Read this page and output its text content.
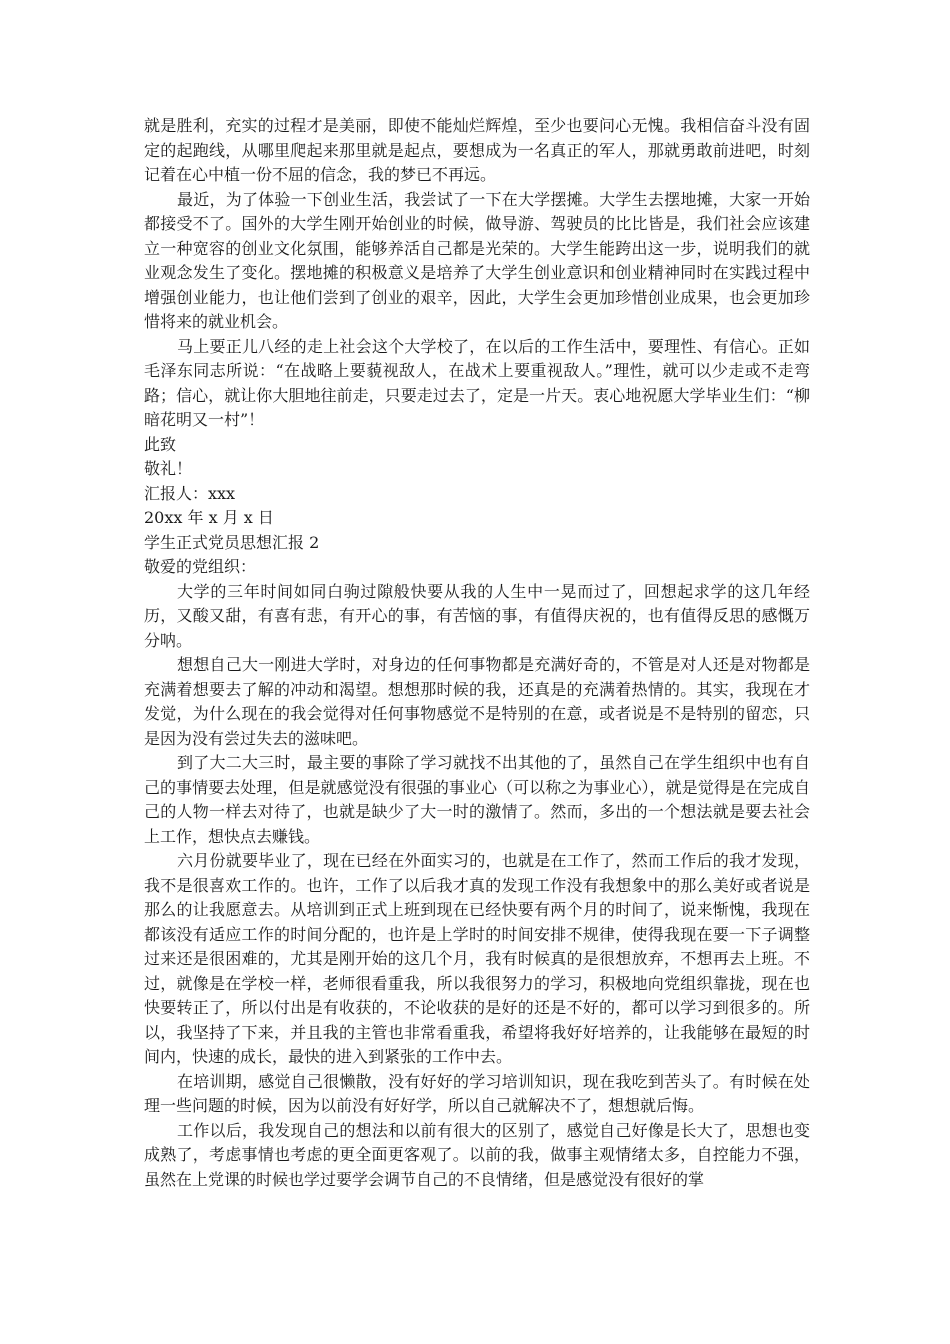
就是胜利，充实的过程才是美丽，即使不能灿烂辉煌，至少也要问心无愧。我相信奋斗没有固定的起跑线，从哪里爬起来那里就是起点，要想成为一名真正的军人，那就勇敢前进吧，时刻记着在心中植一份不屈的信念，我的梦已不再远。

最近，为了体验一下创业生活，我尝试了一下在大学摆摊。大学生去摆地摊，大家一开始都接受不了。国外的大学生刚开始创业的时候，做导游、驾驶员的比比皆是，我们社会应该建立一种宽容的创业文化氛围，能够养活自己都是光荣的。大学生能跨出这一步，说明我们的就业观念发生了变化。摆地摊的积极意义是培养了大学生创业意识和创业精神同时在实践过程中增强创业能力，也让他们尝到了创业的艰辛，因此，大学生会更加珍惜创业成果，也会更加珍惜将来的就业机会。

马上要正儿八经的走上社会这个大学校了，在以后的工作生活中，要理性、有信心。正如毛泽东同志所说：“在战略上要藐视敌人，在战术上要重视敌人。”理性，就可以少走或不走弯路；信心，就让你大胆地往前走，只要走过去了，定是一片天。衷心地祝愿大学毕业生们：“柳暗花明又一村”！

此致

敬礼！

汇报人：xxx

20xx 年 x 月 x 日

学生正式党员思想汇报 2

敬爱的党组织：

大学的三年时间如同白驹过隙般快要从我的人生中一晃而过了，回想起求学的这几年经历，又酸又甜，有喜有悲，有开心的事，有苦恼的事，有值得庆祝的，也有值得反思的感慨万分呐。

想想自己大一刚进大学时，对身边的任何事物都是充满好奇的，不管是对人还是对物都是充满着想要去了解的冲动和渴望。想想那时候的我，还真是的充满着热情的。其实，我现在才发觉，为什么现在的我会觉得对任何事物感觉不是特别的在意，或者说是不是特别的留恋，只是因为没有尝过失去的滋味吧。

到了大二大三时，最主要的事除了学习就找不出其他的了，虽然自己在学生组织中也有自己的事情要去处理，但是就感觉没有很强的事业心（可以称之为事业心），就是觉得是在完成自己的人物一样去对待了，也就是缺少了大一时的激情了。然而，多出的一个想法就是要去社会上工作，想快点去赚钱。

六月份就要毕业了，现在已经在外面实习的，也就是在工作了，然而工作后的我才发现，我不是很喜欢工作的。也许，工作了以后我才真的发现工作没有我想象中的那么美好或者说是那么的让我愿意去。从培训到正式上班到现在已经快要有两个月的时间了，说来惭愧，我现在都该没有适应工作的时间分配的，也许是上学时的时间安排不规律，使得我现在要一下子调整过来还是很困难的，尤其是刚开始的这几个月，我有时候真的是很想放弃，不想再去上班。不过，就像是在学校一样，老师很看重我，所以我很努力的学习，积极地向党组织靠拢，现在也快要转正了，所以付出是有收获的，不论收获的是好的还是不好的，都可以学习到很多的。所以，我坚持了下来，并且我的主管也非常看重我，希望将我好好培养的，让我能够在最短的时间内，快速的成长，最快的进入到紧张的工作中去。

在培训期，感觉自己很懒散，没有好好的学习培训知识，现在我吃到苦头了。有时候在处理一些问题的时候，因为以前没有好好学，所以自己就解决不了，想想就后悔。

工作以后，我发现自己的想法和以前有很大的区别了，感觉自己好像是长大了，思想也变成熟了，考虑事情也考虑的更全面更客观了。以前的我，做事主观情绪太多，自控能力不强，虽然在上党课的时候也学过要学会调节自己的不良情绪，但是感觉没有很好的掌
